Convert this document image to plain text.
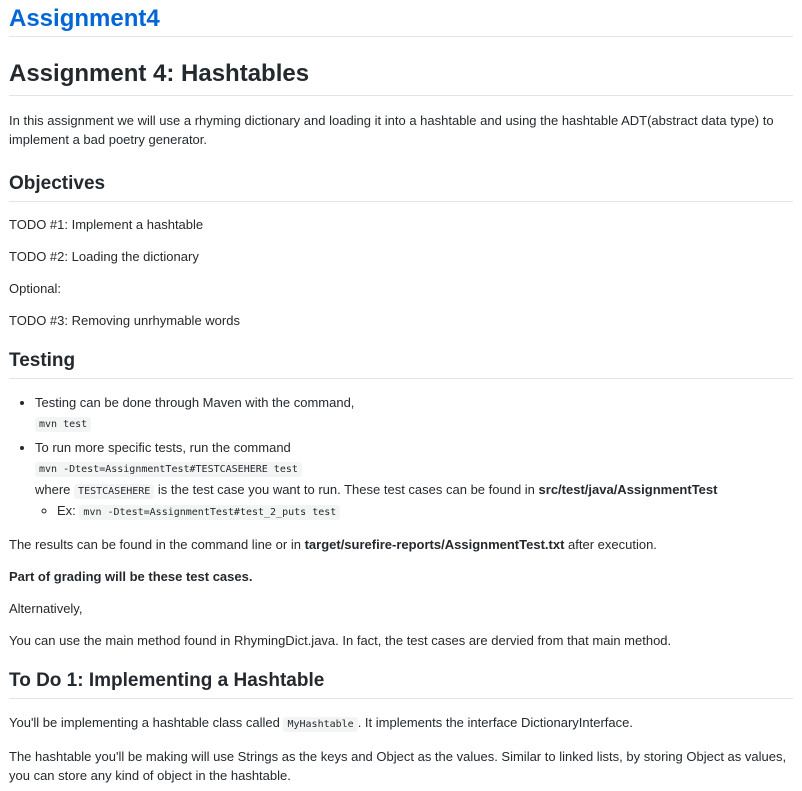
Assignment4
Assignment 4: Hashtables

In this assignment we will use a rhyming dictionary and loading it into a hashtable and using the hashtable ADT(abstract data type) to implement a bad poetry generator.

Objectives

TODO #1: Implement a hashtable

TODO #2: Loading the dictionary

Optional:

TODO #3: Removing unrhymable words

Testing
• Testing can be done through Maven with the command,
mvn test
• To run more specific tests, run the command
mvn -Dtest=AssignmentTest#TESTCASEHERE test
where TESTCASEHERE is the test case you want to run. These test cases can be found in src/test/java/AssignmentTest
◦ Ex: mvn -Dtest=AssignmentTest#test_2_puts test

The results can be found in the command line or in target/surefire-reports/AssignmentTest.txt after execution.

Part of grading will be these test cases.

Alternatively,

You can use the main method found in RhymingDict.java. In fact, the test cases are dervied from that main method.

To Do 1: Implementing a Hashtable

You'll be implementing a hashtable class called MyHashtable . It implements the interface DictionaryInterface.

The hashtable you'll be making will use Strings as the keys and Object as the values. Similar to linked lists, by storing Object as values, you can store any kind of object in the hashtable.
